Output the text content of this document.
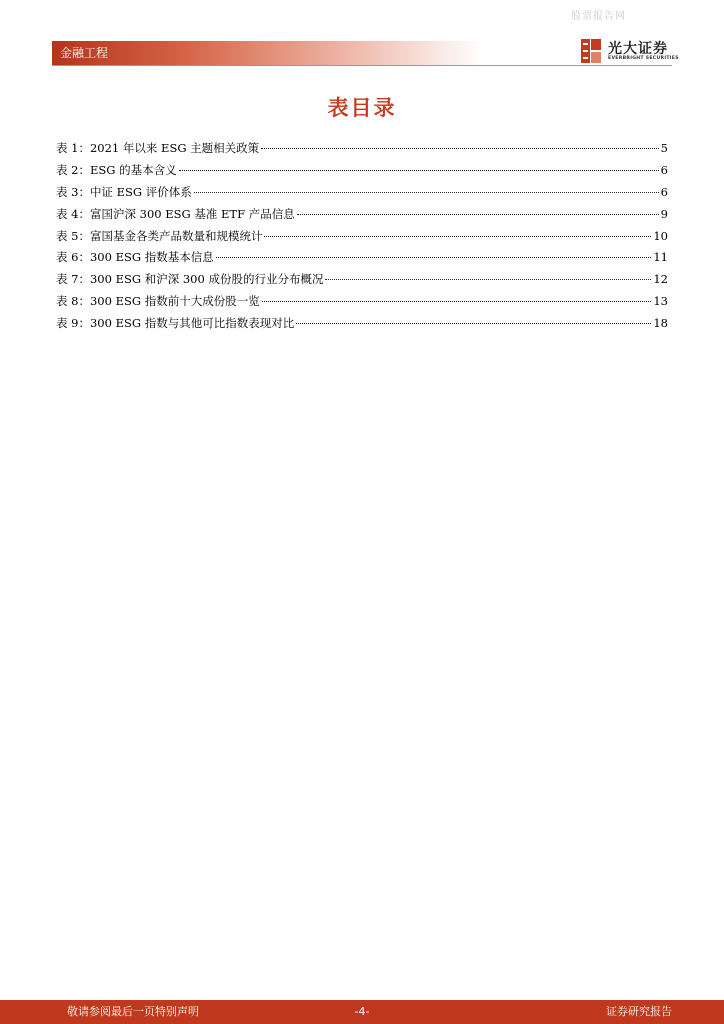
股票报告网
金融工程	光大证券
EVERBRIGHT SECURITIES
表目录
表 1：2021 年以来 ESG 主题相关政策	5
表 2：ESG 的基本含义	6
表 3：中证 ESG 评价体系	6
表 4：富国沪深 300 ESG 基准 ETF 产品信息	9
表 5：富国基金各类产品数量和规模统计	10
表 6：300 ESG 指数基本信息	11
表 7：300 ESG 和沪深 300 成份股的行业分布概况	12
表 8：300 ESG 指数前十大成份股一览	13
表 9：300 ESG 指数与其他可比指数表现对比	18
敬请参阅最后一页特别声明	-4-	证券研究报告
